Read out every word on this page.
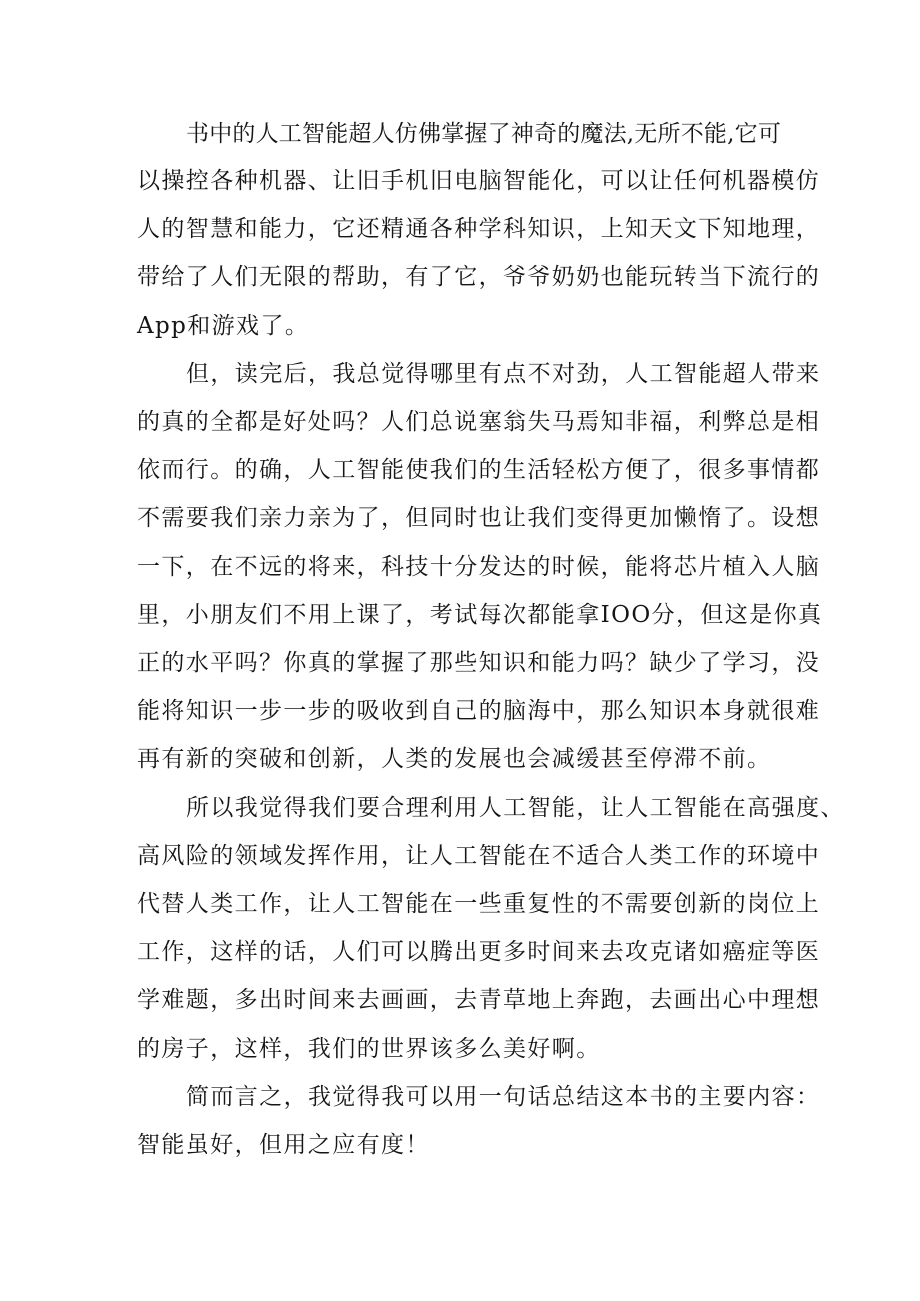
书中的人工智能超人仿佛掌握了神奇的魔法,无所不能,它可
以操控各种机器、让旧手机旧电脑智能化，可以让任何机器模仿
人的智慧和能力，它还精通各种学科知识，上知天文下知地理，
带给了人们无限的帮助，有了它，爷爷奶奶也能玩转当下流行的
App和游戏了。
但，读完后，我总觉得哪里有点不对劲，人工智能超人带来
的真的全都是好处吗？人们总说塞翁失马焉知非福，利弊总是相
依而行。的确，人工智能使我们的生活轻松方便了，很多事情都
不需要我们亲力亲为了，但同时也让我们变得更加懒惰了。设想
一下，在不远的将来，科技十分发达的时候，能将芯片植入人脑
里，小朋友们不用上课了，考试每次都能拿IOO分，但这是你真
正的水平吗？你真的掌握了那些知识和能力吗？缺少了学习，没
能将知识一步一步的吸收到自己的脑海中，那么知识本身就很难
再有新的突破和创新，人类的发展也会减缓甚至停滞不前。
所以我觉得我们要合理利用人工智能，让人工智能在高强度、
高风险的领域发挥作用，让人工智能在不适合人类工作的环境中
代替人类工作，让人工智能在一些重复性的不需要创新的岗位上
工作，这样的话，人们可以腾出更多时间来去攻克诸如癌症等医
学难题，多出时间来去画画，去青草地上奔跑，去画出心中理想
的房子，这样，我们的世界该多么美好啊。
简而言之，我觉得我可以用一句话总结这本书的主要内容：
智能虽好，但用之应有度！
